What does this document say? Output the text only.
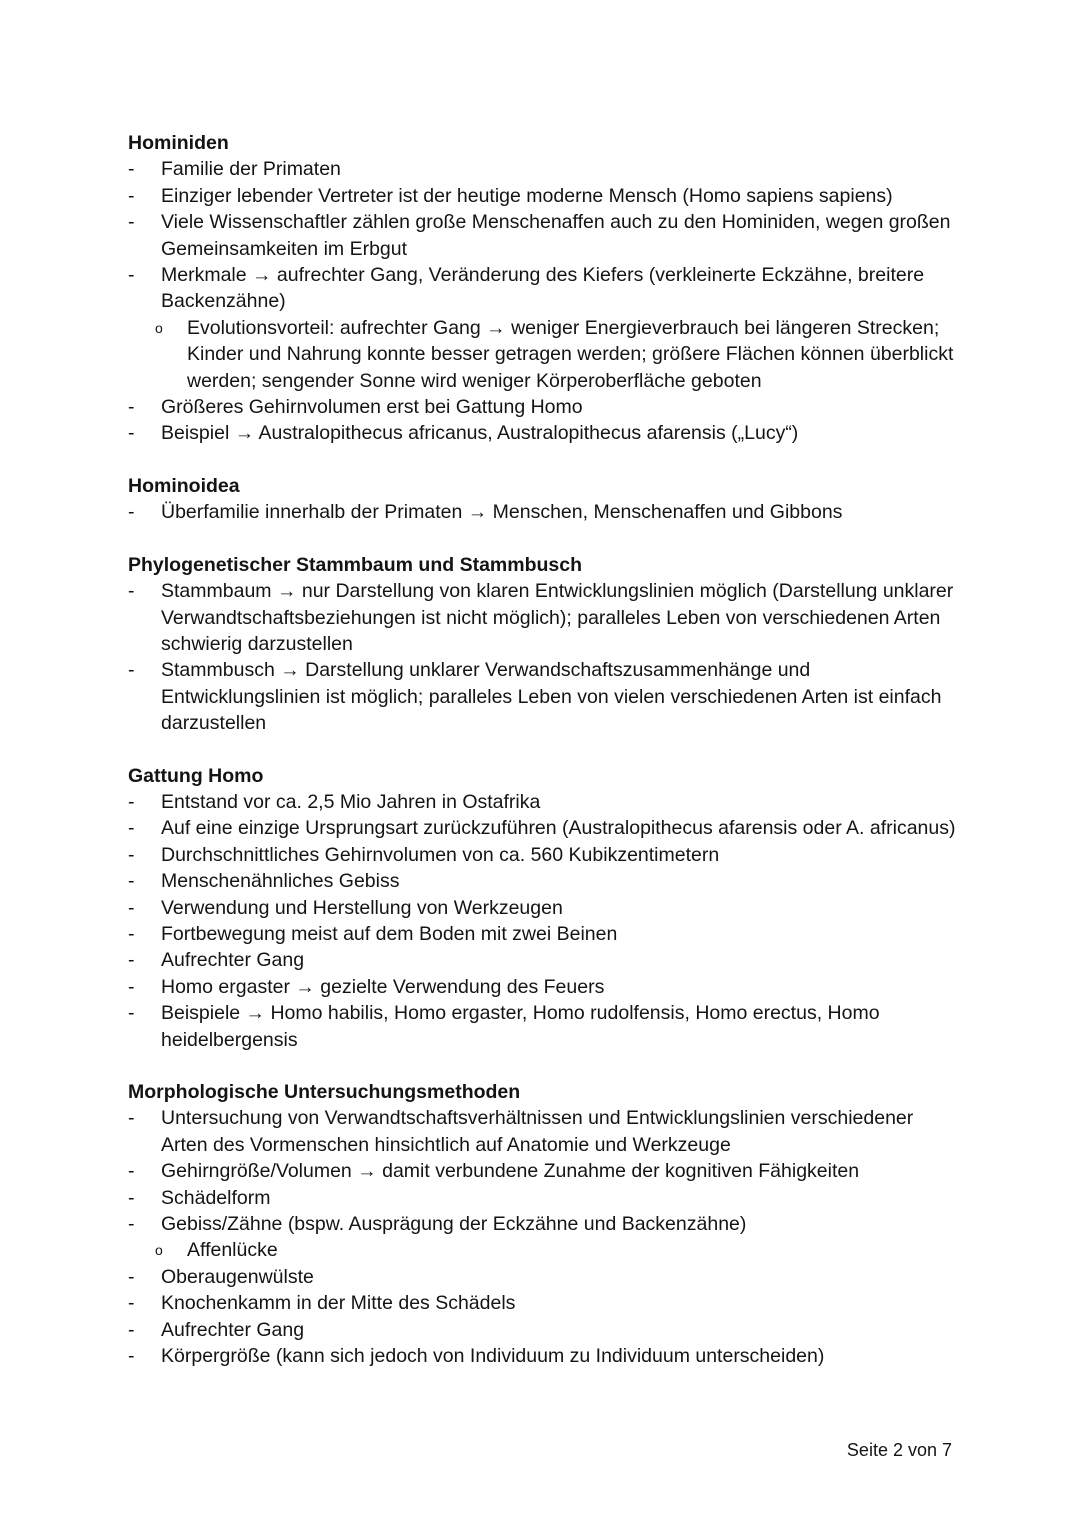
Hominiden
- Familie der Primaten
- Einziger lebender Vertreter ist der heutige moderne Mensch (Homo sapiens sapiens)
- Viele Wissenschaftler zählen große Menschenaffen auch zu den Hominiden, wegen großen Gemeinsamkeiten im Erbgut
- Merkmale → aufrechter Gang, Veränderung des Kiefers (verkleinerte Eckzähne, breitere Backenzähne)
o Evolutionsvorteil: aufrechter Gang → weniger Energieverbrauch bei längeren Strecken; Kinder und Nahrung konnte besser getragen werden; größere Flächen können überblickt werden; sengender Sonne wird weniger Körperoberfläche geboten
- Größeres Gehirnvolumen erst bei Gattung Homo
- Beispiel → Australopithecus africanus, Australopithecus afarensis („Lucy“)
Hominoidea
- Überfamilie innerhalb der Primaten → Menschen, Menschenaffen und Gibbons
Phylogenetischer Stammbaum und Stammbusch
- Stammbaum → nur Darstellung von klaren Entwicklungslinien möglich (Darstellung unklarer Verwandtschaftsbeziehungen ist nicht möglich); paralleles Leben von verschiedenen Arten schwierig darzustellen
- Stammbusch → Darstellung unklarer Verwandschaftszusammenhänge und Entwicklungslinien ist möglich; paralleles Leben von vielen verschiedenen Arten ist einfach darzustellen
Gattung Homo
- Entstand vor ca. 2,5 Mio Jahren in Ostafrika
- Auf eine einzige Ursprungsart zurückzuführen (Australopithecus afarensis oder A. africanus)
- Durchschnittliches Gehirnvolumen von ca. 560 Kubikzentimetern
- Menschenähnliches Gebiss
- Verwendung und Herstellung von Werkzeugen
- Fortbewegung meist auf dem Boden mit zwei Beinen
- Aufrechter Gang
- Homo ergaster → gezielte Verwendung des Feuers
- Beispiele → Homo habilis, Homo ergaster, Homo rudolfensis, Homo erectus, Homo heidelbergensis
Morphologische Untersuchungsmethoden
- Untersuchung von Verwandtschaftsverhältnissen und Entwicklungslinien verschiedener Arten des Vormenschen hinsichtlich auf Anatomie und Werkzeuge
- Gehirngröße/Volumen → damit verbundene Zunahme der kognitiven Fähigkeiten
- Schädelform
- Gebiss/Zähne (bspw. Ausprägung der Eckzähne und Backenzähne)
o Affenlücke
- Oberaugenwülste
- Knochenkamm in der Mitte des Schädels
- Aufrechter Gang
- Körpergröße (kann sich jedoch von Individuum zu Individuum unterscheiden)
Seite 2 von 7
